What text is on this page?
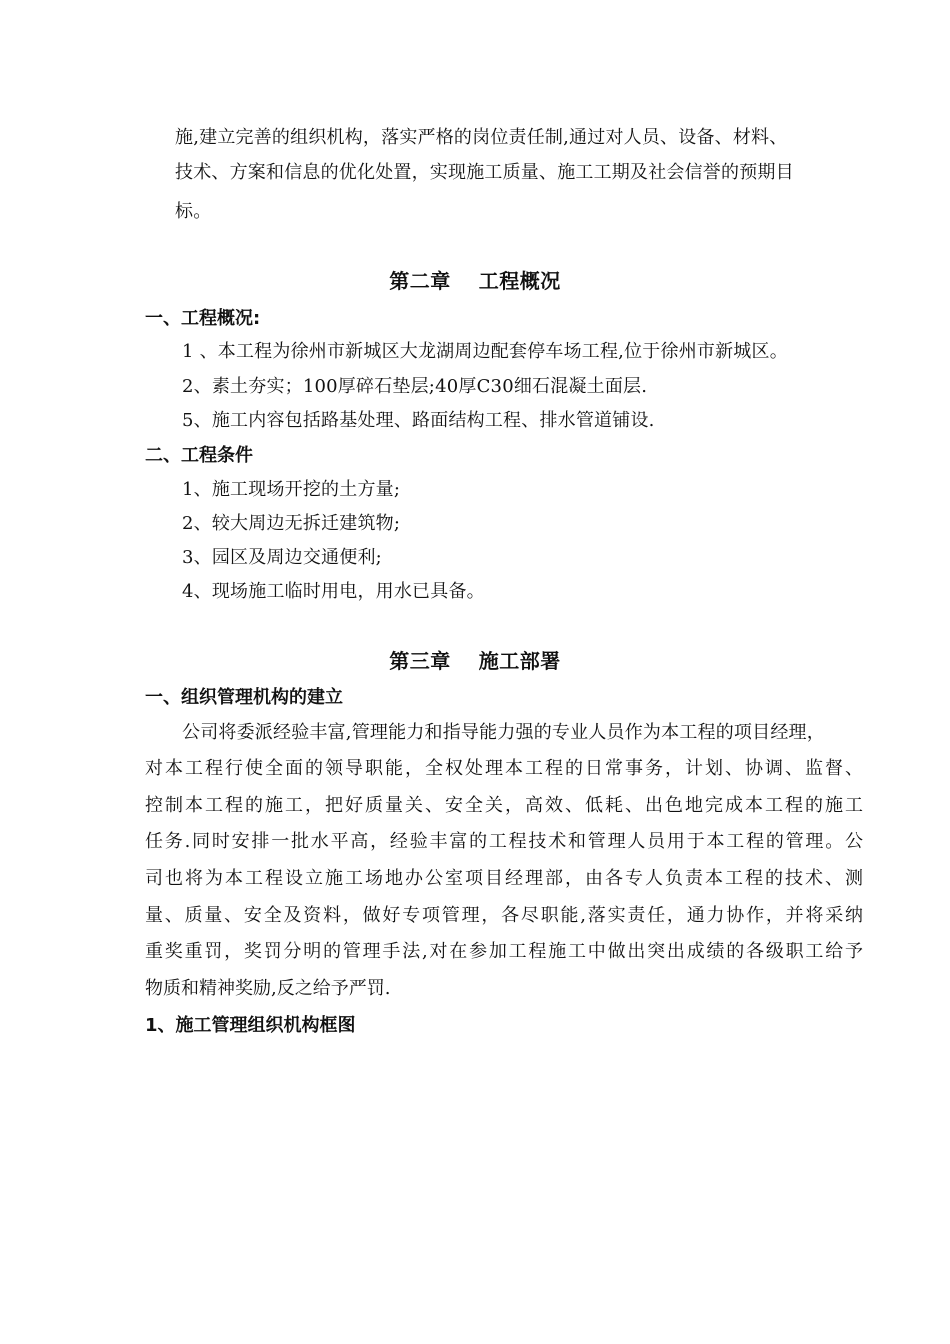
施,建立完善的组织机构，落实严格的岗位责任制,通过对人员、设备、材料、
技术、方案和信息的优化处置，实现施工质量、施工工期及社会信誉的预期目
标。
第二章　 工程概况
一、工程概况:
1 、本工程为徐州市新城区大龙湖周边配套停车场工程,位于徐州市新城区。
2、素土夯实；100厚碎石垫层;40厚C30细石混凝土面层.
5、施工内容包括路基处理、路面结构工程、排水管道铺设.
二、工程条件
1、施工现场开挖的土方量;
2、较大周边无拆迁建筑物;
3、园区及周边交通便利;
4、现场施工临时用电，用水已具备。
第三章　 施工部署
一、组织管理机构的建立
公司将委派经验丰富,管理能力和指导能力强的专业人员作为本工程的项目经理，
对本工程行使全面的领导职能，全权处理本工程的日常事务，计划、协调、监督、
控制本工程的施工，把好质量关、安全关，高效、低耗、出色地完成本工程的施工
任务.同时安排一批水平高，经验丰富的工程技术和管理人员用于本工程的管理。公
司也将为本工程设立施工场地办公室项目经理部，由各专人负责本工程的技术、测
量、质量、安全及资料，做好专项管理，各尽职能,落实责任，通力协作，并将采纳
重奖重罚，奖罚分明的管理手法,对在参加工程施工中做出突出成绩的各级职工给予
物质和精神奖励,反之给予严罚.
1、施工管理组织机构框图
